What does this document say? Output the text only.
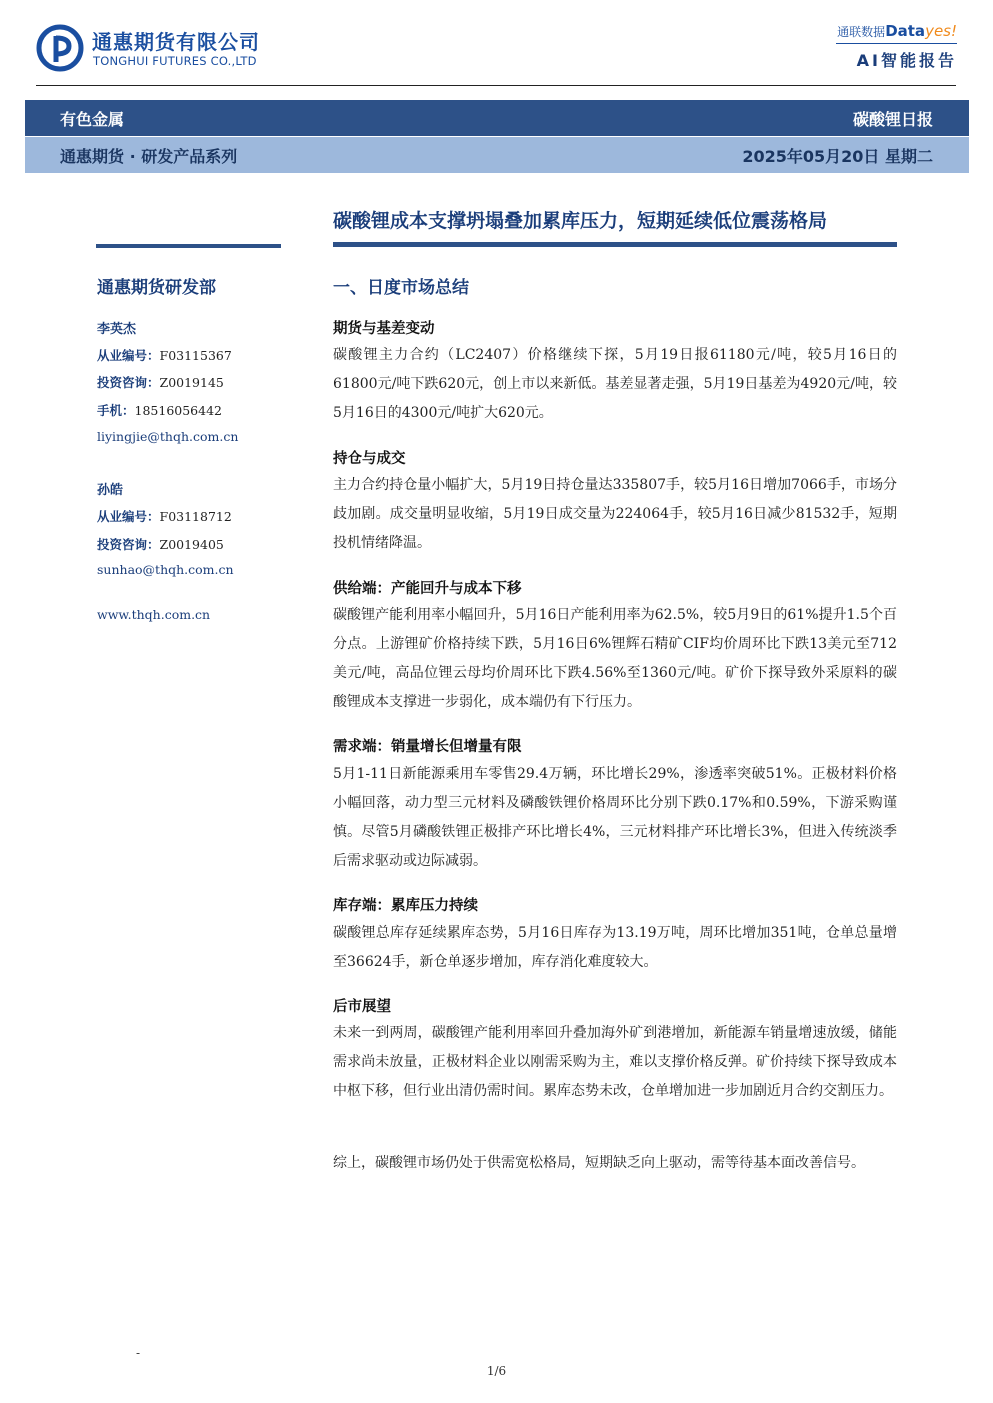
通惠期货有限公司
TONGHUI FUTURES CO.,LTD
通联数据Datayes!
AI智能报告
有色金属	碳酸锂日报
通惠期货 · 研发产品系列	2025年05月20日 星期二
通惠期货研发部
李英杰
从业编号：F03115367
投资咨询：Z0019145
手机：18516056442
liyingjie@thqh.com.cn
孙皓
从业编号：F03118712
投资咨询：Z0019405
sunhao@thqh.com.cn
www.thqh.com.cn
碳酸锂成本支撑坍塌叠加累库压力，短期延续低位震荡格局
一、日度市场总结
期货与基差变动
碳酸锂主力合约（LC2407）价格继续下探，5月19日报61180元/吨，较5月16日的61800元/吨下跌620元，创上市以来新低。基差显著走强，5月19日基差为4920元/吨，较5月16日的4300元/吨扩大620元。
持仓与成交
主力合约持仓量小幅扩大，5月19日持仓量达335807手，较5月16日增加7066手，市场分歧加剧。成交量明显收缩，5月19日成交量为224064手，较5月16日减少81532手，短期投机情绪降温。
供给端：产能回升与成本下移
碳酸锂产能利用率小幅回升，5月16日产能利用率为62.5%，较5月9日的61%提升1.5个百分点。上游锂矿价格持续下跌，5月16日6%锂辉石精矿CIF均价周环比下跌13美元至712美元/吨，高品位锂云母均价周环比下跌4.56%至1360元/吨。矿价下探导致外采原料的碳酸锂成本支撑进一步弱化，成本端仍有下行压力。
需求端：销量增长但增量有限
5月1-11日新能源乘用车零售29.4万辆，环比增长29%，渗透率突破51%。正极材料价格小幅回落，动力型三元材料及磷酸铁锂价格周环比分别下跌0.17%和0.59%，下游采购谨慎。尽管5月磷酸铁锂正极排产环比增长4%，三元材料排产环比增长3%，但进入传统淡季后需求驱动或边际减弱。
库存端：累库压力持续
碳酸锂总库存延续累库态势，5月16日库存为13.19万吨，周环比增加351吨，仓单总量增至36624手，新仓单逐步增加，库存消化难度较大。
后市展望
未来一到两周，碳酸锂产能利用率回升叠加海外矿到港增加，新能源车销量增速放缓，储能需求尚未放量，正极材料企业以刚需采购为主，难以支撑价格反弹。矿价持续下探导致成本中枢下移，但行业出清仍需时间。累库态势未改，仓单增加进一步加剧近月合约交割压力。
综上，碳酸锂市场仍处于供需宽松格局，短期缺乏向上驱动，需等待基本面改善信号。
-
1/6
